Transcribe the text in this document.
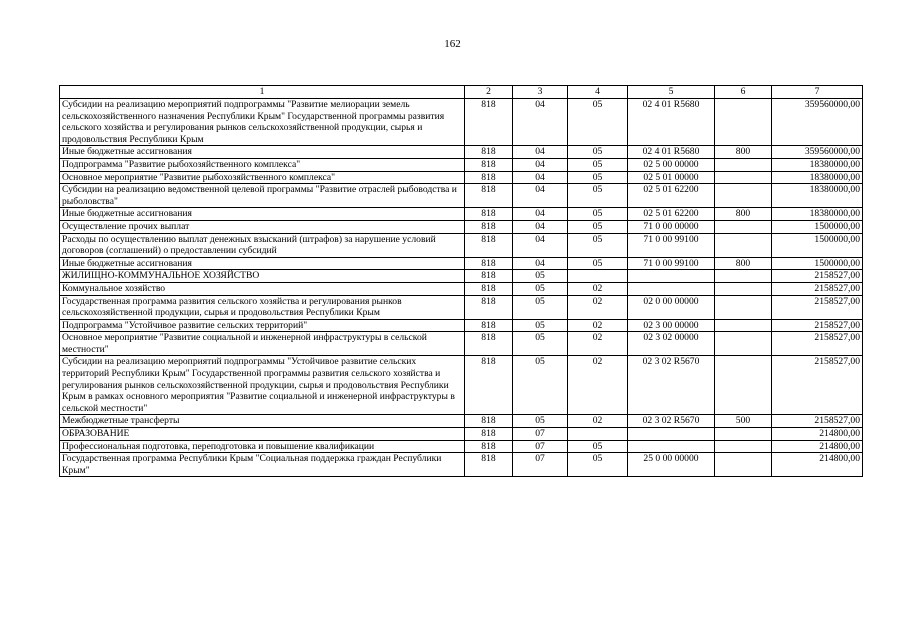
162
1	2	3	4	5	6	7
Субсидии на реализацию мероприятий подпрограммы "Развитие мелиорации земель сельскохозяйственного назначения Республики Крым" Государственной программы развития сельского хозяйства и регулирования рынков сельскохозяйственной продукции, сырья и продовольствия Республики Крым	818	04	05	02 4 01 R5680		359560000,00
Иные бюджетные ассигнования	818	04	05	02 4 01 R5680	800	359560000,00
Подпрограмма "Развитие рыбохозяйственного комплекса"	818	04	05	02 5 00 00000		18380000,00
Основное мероприятие "Развитие рыбохозяйственного комплекса"	818	04	05	02 5 01 00000		18380000,00
Субсидии на реализацию ведомственной целевой программы "Развитие отраслей рыбоводства и рыболовства"	818	04	05	02 5 01 62200		18380000,00
Иные бюджетные ассигнования	818	04	05	02 5 01 62200	800	18380000,00
Осуществление прочих выплат	818	04	05	71 0 00 00000		1500000,00
Расходы по осуществлению выплат денежных взысканий (штрафов) за нарушение условий договоров (соглашений) о предоставлении субсидий	818	04	05	71 0 00 99100		1500000,00
Иные бюджетные ассигнования	818	04	05	71 0 00 99100	800	1500000,00
ЖИЛИЩНО-КОММУНАЛЬНОЕ ХОЗЯЙСТВО	818	05				2158527,00
Коммунальное хозяйство	818	05	02			2158527,00
Государственная программа развития сельского хозяйства и регулирования рынков сельскохозяйственной продукции, сырья и продовольствия Республики Крым	818	05	02	02 0 00 00000		2158527,00
Подпрограмма "Устойчивое развитие сельских территорий"	818	05	02	02 3 00 00000		2158527,00
Основное мероприятие "Развитие социальной и инженерной инфраструктуры в сельской местности"	818	05	02	02 3 02 00000		2158527,00
Субсидии на реализацию мероприятий подпрограммы "Устойчивое развитие сельских территорий Республики Крым" Государственной программы развития сельского хозяйства и регулирования рынков сельскохозяйственной продукции, сырья и продовольствия Республики Крым в рамках основного мероприятия "Развитие социальной и инженерной инфраструктуры в сельской местности"	818	05	02	02 3 02 R5670		2158527,00
Межбюджетные трансферты	818	05	02	02 3 02 R5670	500	2158527,00
ОБРАЗОВАНИЕ	818	07				214800,00
Профессиональная подготовка, переподготовка и повышение квалификации	818	07	05			214800,00
Государственная программа Республики Крым "Социальная поддержка граждан Республики Крым"	818	07	05	25 0 00 00000		214800,00
